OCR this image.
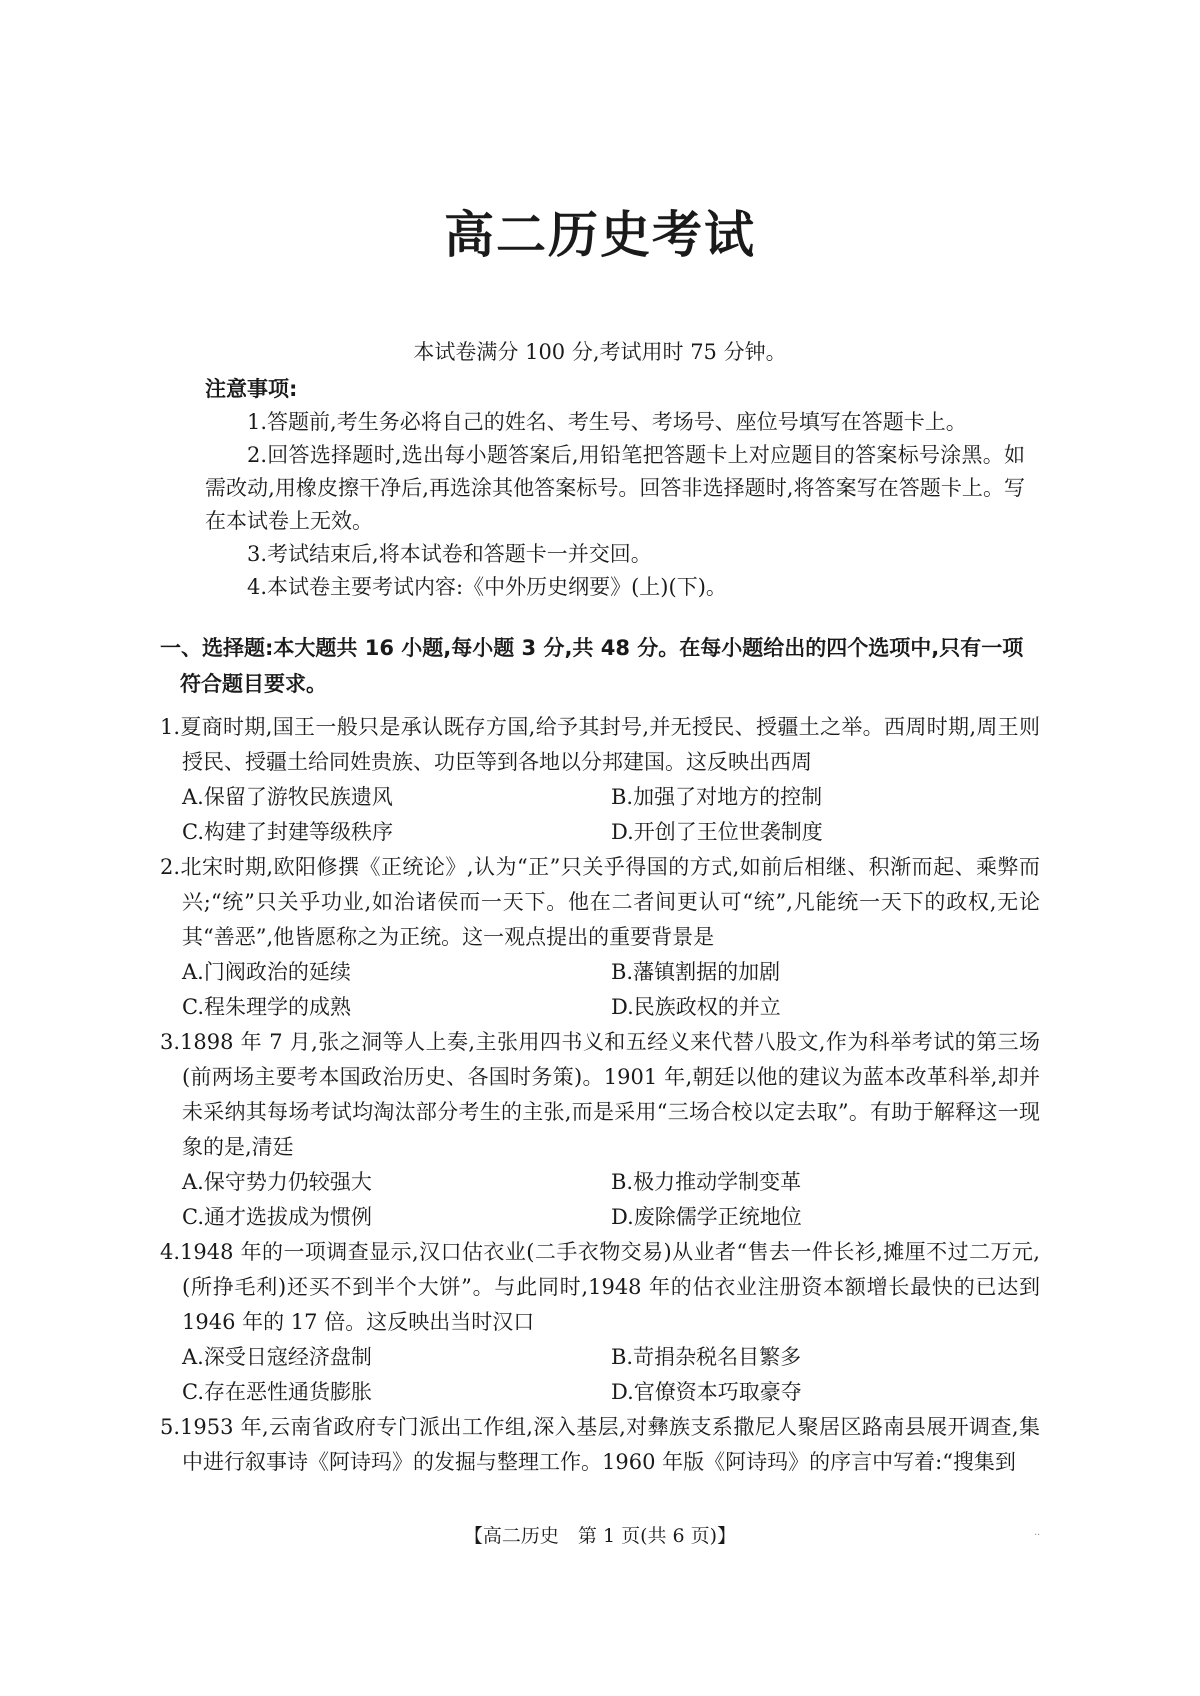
高二历史考试
本试卷满分 100 分,考试用时 75 分钟。
注意事项:

1.答题前,考生务必将自己的姓名、考生号、考场号、座位号填写在答题卡上。

2.回答选择题时,选出每小题答案后,用铅笔把答题卡上对应题目的答案标号涂黑。如需改动,用橡皮擦干净后,再选涂其他答案标号。回答非选择题时,将答案写在答题卡上。写在本试卷上无效。

3.考试结束后,将本试卷和答题卡一并交回。

4.本试卷主要考试内容:《中外历史纲要》(上)(下)。

一、选择题:本大题共 16 小题,每小题 3 分,共 48 分。在每小题给出的四个选项中,只有一项符合题目要求。

1.夏商时期,国王一般只是承认既存方国,给予其封号,并无授民、授疆土之举。西周时期,周王则授民、授疆土给同姓贵族、功臣等到各地以分邦建国。这反映出西周

A.保留了游牧民族遗风	B.加强了对地方的控制

C.构建了封建等级秩序	D.开创了王位世袭制度

2.北宋时期,欧阳修撰《正统论》,认为“正”只关乎得国的方式,如前后相继、积渐而起、乘弊而兴;“统”只关乎功业,如治诸侯而一天下。他在二者间更认可“统”,凡能统一天下的政权,无论其“善恶”,他皆愿称之为正统。这一观点提出的重要背景是

A.门阀政治的延续	B.藩镇割据的加剧

C.程朱理学的成熟	D.民族政权的并立

3.1898 年 7 月,张之洞等人上奏,主张用四书义和五经义来代替八股文,作为科举考试的第三场(前两场主要考本国政治历史、各国时务策)。1901 年,朝廷以他的建议为蓝本改革科举,却并未采纳其每场考试均淘汰部分考生的主张,而是采用“三场合校以定去取”。有助于解释这一现象的是,清廷

A.保守势力仍较强大	B.极力推动学制变革

C.通才选拔成为惯例	D.废除儒学正统地位

4.1948 年的一项调查显示,汉口估衣业(二手衣物交易)从业者“售去一件长衫,摊厘不过二万元,(所挣毛利)还买不到半个大饼”。与此同时,1948 年的估衣业注册资本额增长最快的已达到 1946 年的 17 倍。这反映出当时汉口

A.深受日寇经济盘制	B.苛捐杂税名目繁多

C.存在恶性通货膨胀	D.官僚资本巧取豪夺

5.1953 年,云南省政府专门派出工作组,深入基层,对彝族支系撒尼人聚居区路南县展开调查,集中进行叙事诗《阿诗玛》的发掘与整理工作。1960 年版《阿诗玛》的序言中写着:“搜集到

【高二历史　第 1 页(共 6 页)】	··
